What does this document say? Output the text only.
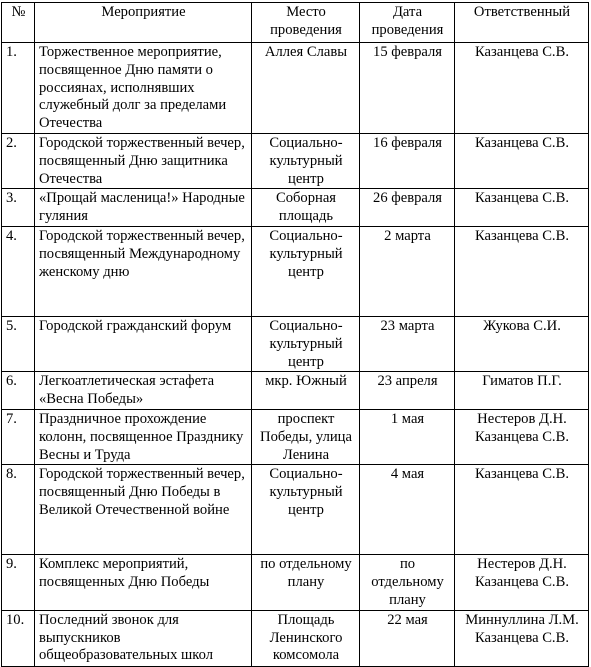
№	Мероприятие	Место проведения	Дата проведения	Ответственный
1.	Торжественное мероприятие, посвященное Дню памяти о россиянах, исполнявших служебный долг за пределами Отечества	Аллея Славы	15 февраля	Казанцева С.В.

2.	Городской торжественный вечер, посвященный Дню защитника Отечества	Социально-культурный центр	16 февраля	Казанцева С.В.

3.	«Прощай масленица!» Народные гуляния	Соборная площадь	26 февраля	Казанцева С.В.

4.	Городской торжественный вечер, посвященный Международному женскому дню	Социально-культурный центр	2 марта	Казанцева С.В.

5.	Городской гражданский форум	Социально-культурный центр	23 марта	Жукова С.И.

6.	Легкоатлетическая эстафета «Весна Победы»	мкр. Южный	23 апреля	Гиматов П.Г.

7.	Праздничное прохождение колонн, посвященное Празднику Весны и Труда	проспект Победы, улица Ленина	1 мая	Нестеров Д.Н.
Казанцева С.В.

8.	Городской торжественный вечер, посвященный Дню Победы в Великой Отечественной войне	Социально-культурный центр	4 мая	Казанцева С.В.

9.	Комплекс мероприятий, посвященных Дню Победы	по отдельному плану	по отдельному плану	Нестеров Д.Н.
Казанцева С.В.

10.	Последний звонок для выпускников общеобразовательных школ	Площадь Ленинского комсомола	22 мая	Миннуллина Л.М.
Казанцева С.В.
